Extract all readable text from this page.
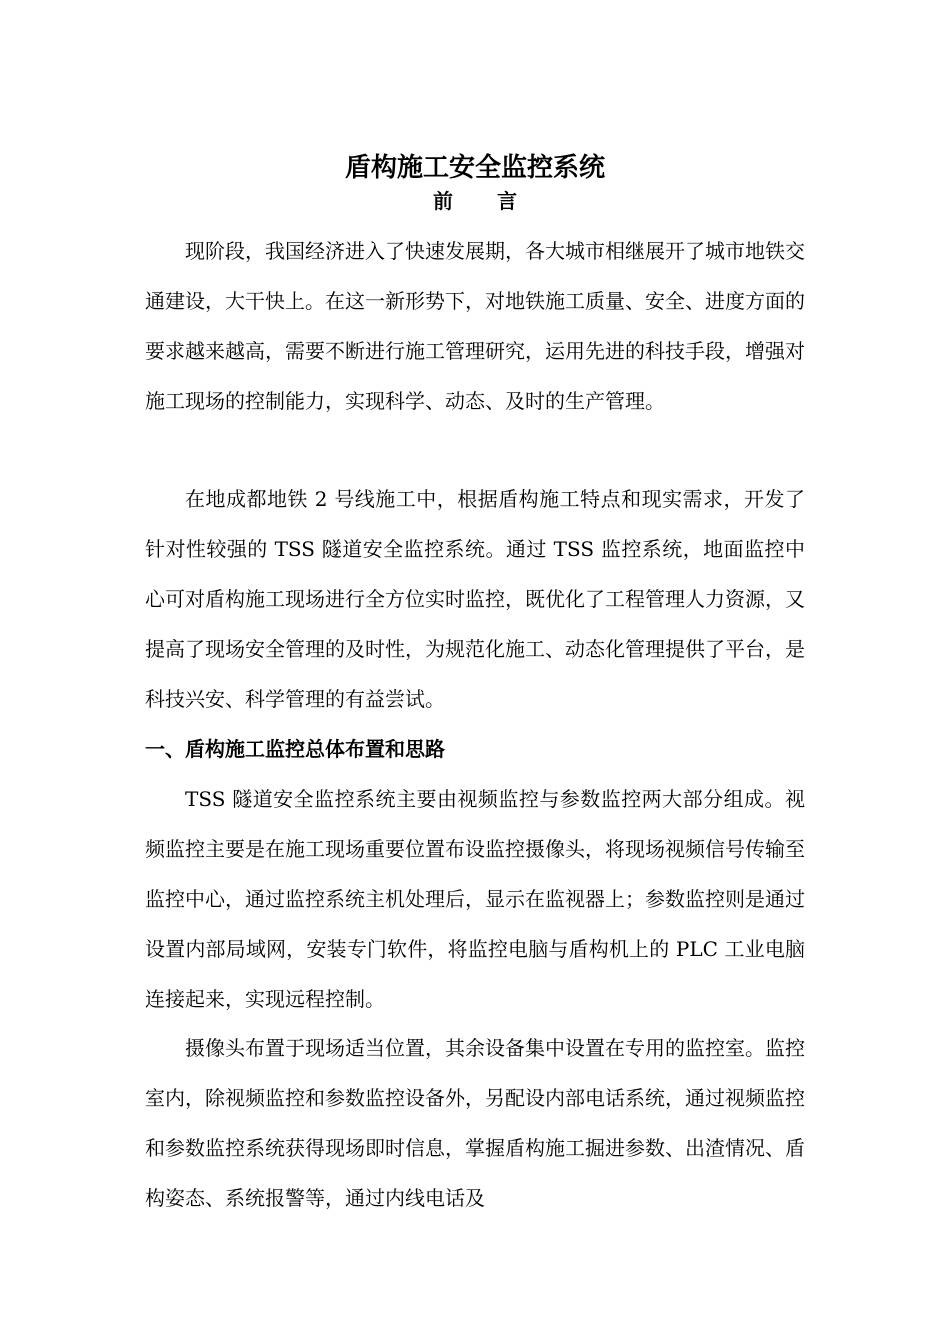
盾构施工安全监控系统
前言

现阶段，我国经济进入了快速发展期，各大城市相继展开了城市地铁交通建设，大干快上。在这一新形势下，对地铁施工质量、安全、进度方面的要求越来越高，需要不断进行施工管理研究，运用先进的科技手段，增强对施工现场的控制能力，实现科学、动态、及时的生产管理。

在地成都地铁 2 号线施工中，根据盾构施工特点和现实需求，开发了针对性较强的 TSS 隧道安全监控系统。通过 TSS 监控系统，地面监控中心可对盾构施工现场进行全方位实时监控，既优化了工程管理人力资源，又提高了现场安全管理的及时性，为规范化施工、动态化管理提供了平台，是科技兴安、科学管理的有益尝试。

一、盾构施工监控总体布置和思路

TSS 隧道安全监控系统主要由视频监控与参数监控两大部分组成。视频监控主要是在施工现场重要位置布设监控摄像头，将现场视频信号传输至监控中心，通过监控系统主机处理后，显示在监视器上；参数监控则是通过设置内部局域网，安装专门软件，将监控电脑与盾构机上的 PLC 工业电脑连接起来，实现远程控制。

摄像头布置于现场适当位置，其余设备集中设置在专用的监控室。监控室内，除视频监控和参数监控设备外，另配设内部电话系统，通过视频监控和参数监控系统获得现场即时信息，掌握盾构施工掘进参数、出渣情况、盾构姿态、系统报警等，通过内线电话及
